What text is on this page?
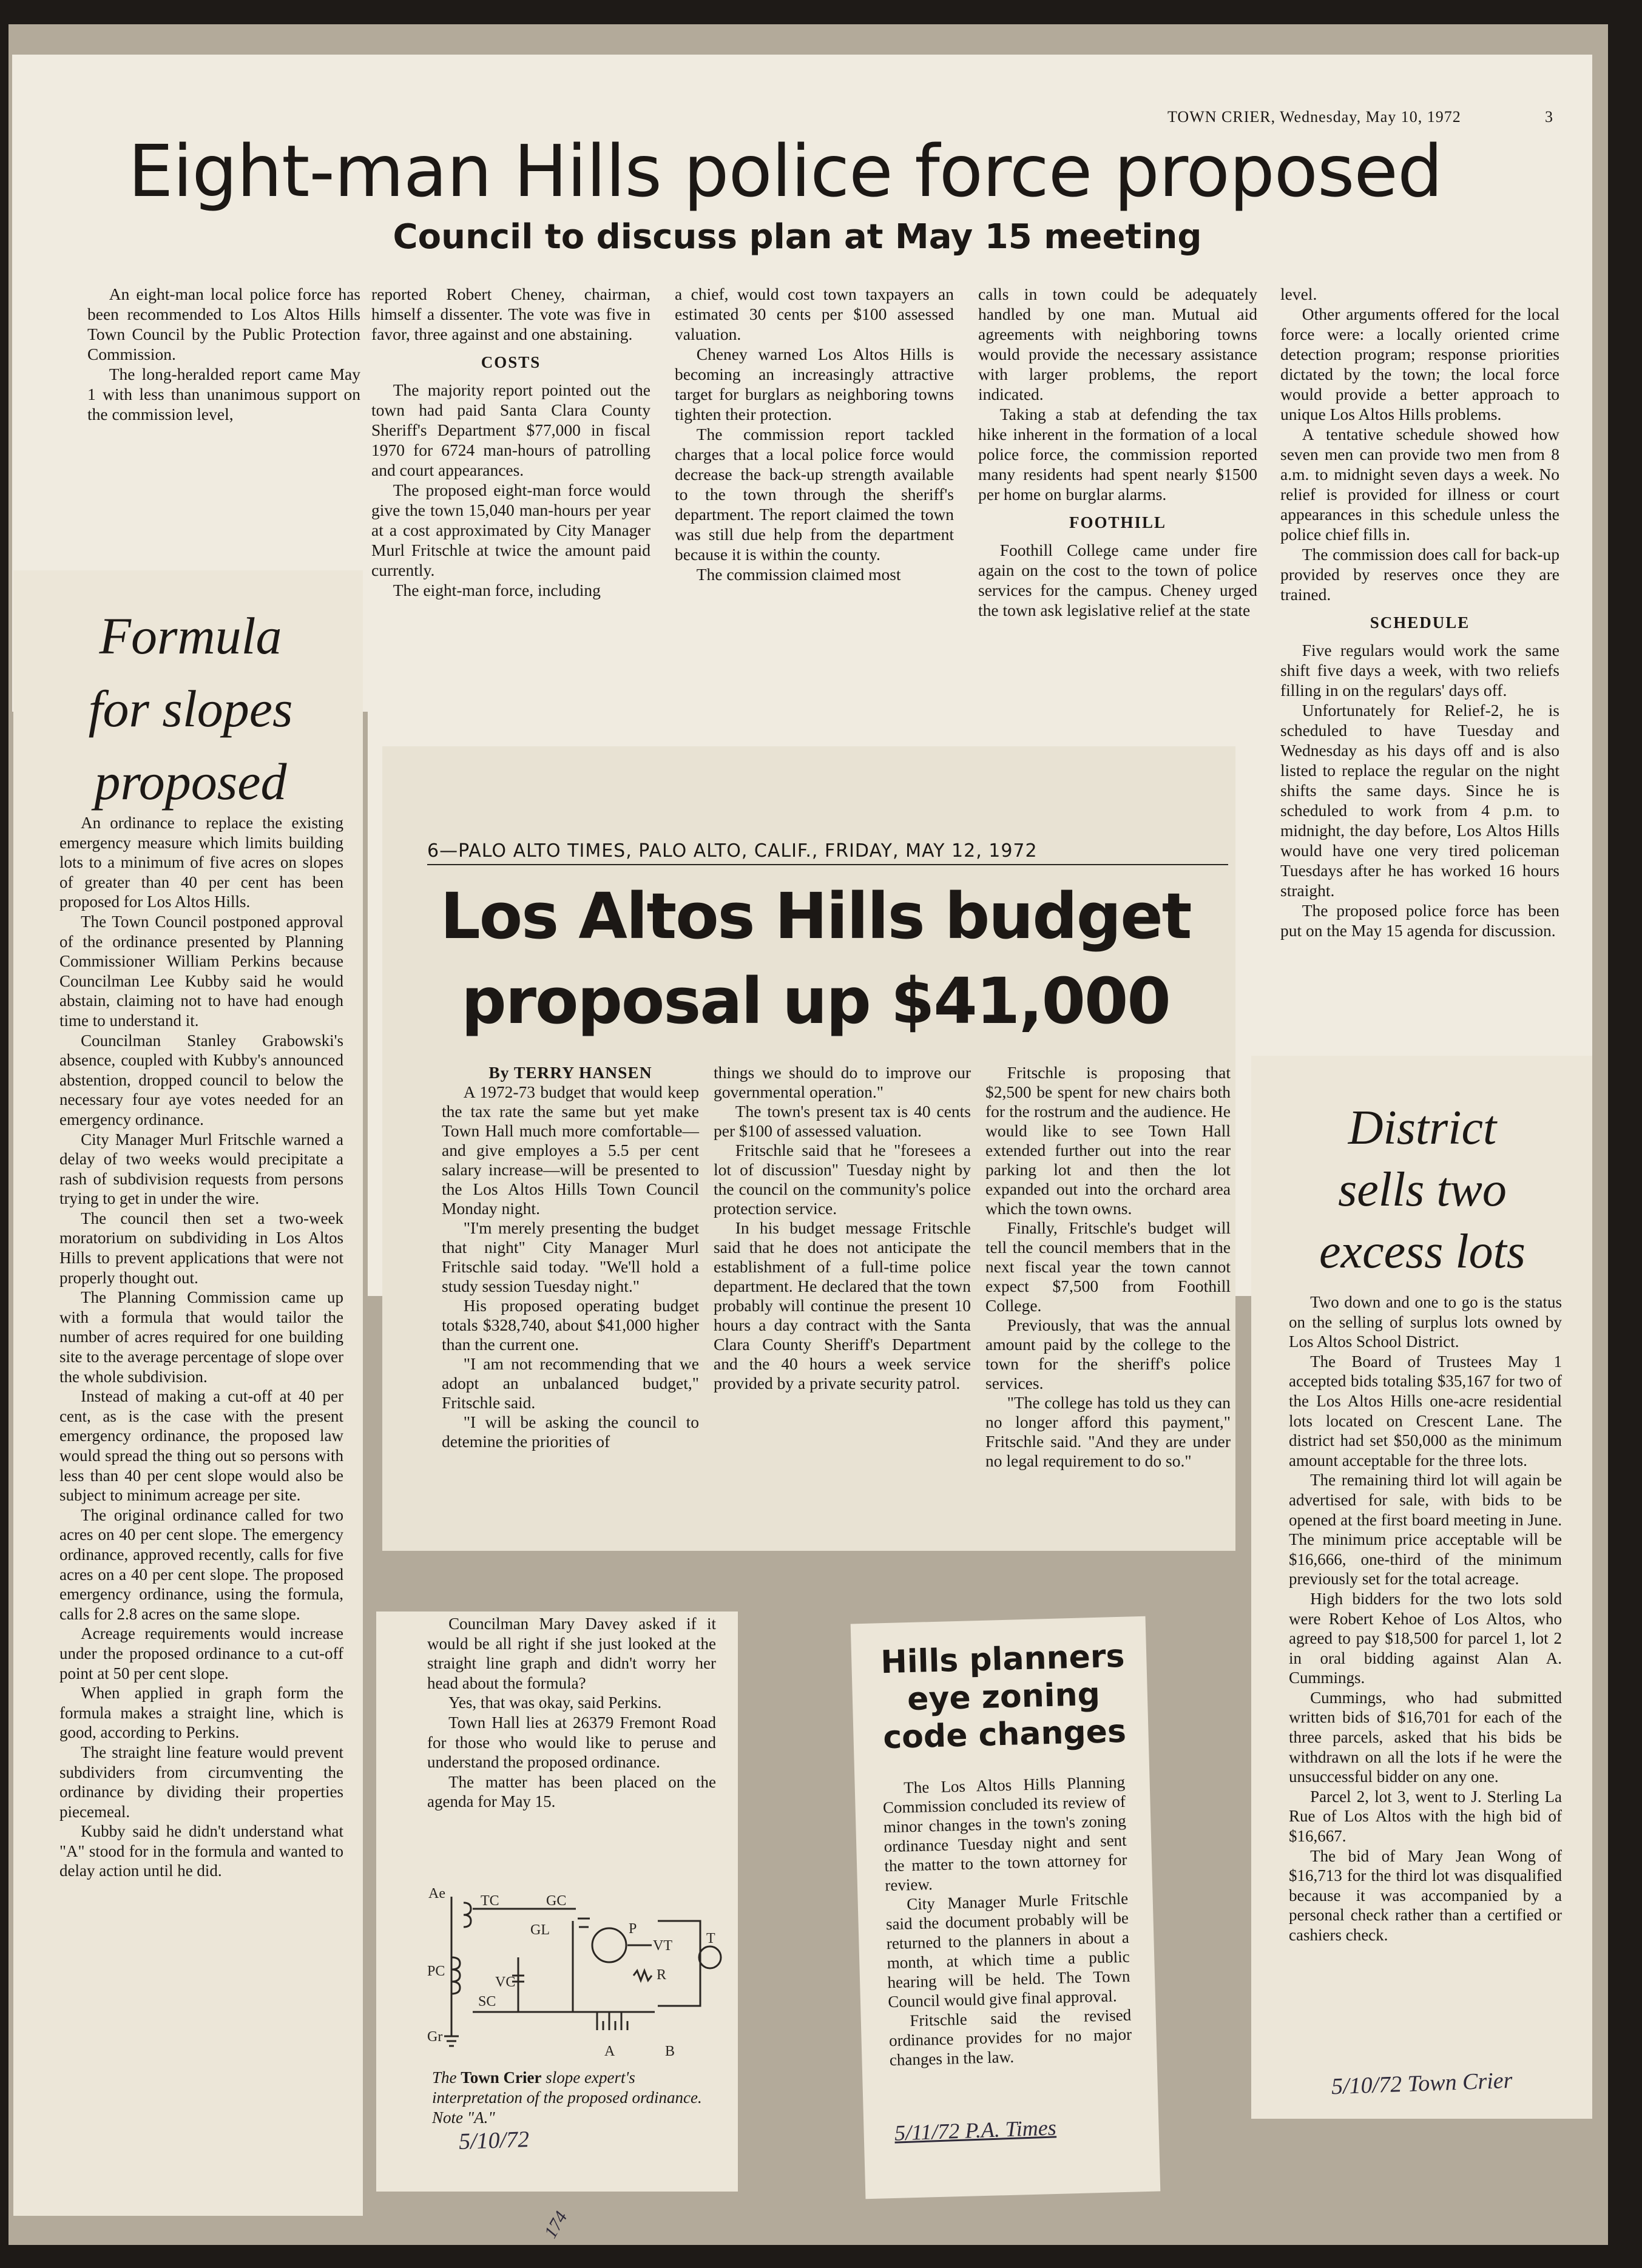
TOWN CRIER, Wednesday, May 10, 1972	3
Eight-man Hills police force proposed
Council to discuss plan at May 15 meeting

An eight-man local police force has been recommended to Los Altos Hills Town Council by the Public Protection Commission.

The long-heralded report came May 1 with less than unanimous support on the commission level,

reported Robert Cheney, chairman, himself a dissenter. The vote was five in favor, three against and one abstaining.

COSTS

The majority report pointed out the town had paid Santa Clara County Sheriff's Department $77,000 in fiscal 1970 for 6724 man-hours of patrolling and court appearances.

The proposed eight-man force would give the town 15,040 man-hours per year at a cost approximated by City Manager Murl Fritschle at twice the amount paid currently.

The eight-man force, including

a chief, would cost town taxpayers an estimated 30 cents per $100 assessed valuation.

Cheney warned Los Altos Hills is becoming an increasingly attractive target for burglars as neighboring towns tighten their protection.

The commission report tackled charges that a local police force would decrease the back-up strength available to the town through the sheriff's department. The report claimed the town was still due help from the department because it is within the county.

The commission claimed most

calls in town could be adequately handled by one man. Mutual aid agreements with neighboring towns would provide the necessary assistance with larger problems, the report indicated.

Taking a stab at defending the tax hike inherent in the formation of a local police force, the commission reported many residents had spent nearly $1500 per home on burglar alarms.

FOOTHILL

Foothill College came under fire again on the cost to the town of police services for the campus. Cheney urged the town ask legislative relief at the state

level.

Other arguments offered for the local force were: a locally oriented crime detection program; response priorities dictated by the town; the local force would provide a better approach to unique Los Altos Hills problems.

A tentative schedule showed how seven men can provide two men from 8 a.m. to midnight seven days a week. No relief is provided for illness or court appearances in this schedule unless the police chief fills in.

The commission does call for back-up provided by reserves once they are trained.

SCHEDULE

Five regulars would work the same shift five days a week, with two reliefs filling in on the regulars' days off.

Unfortunately for Relief-2, he is scheduled to have Tuesday and Wednesday as his days off and is also listed to replace the regular on the night shifts the same days. Since he is scheduled to work from 4 p.m. to midnight, the day before, Los Altos Hills would have one very tired policeman Tuesdays after he has worked 16 hours straight.

The proposed police force has been put on the May 15 agenda for discussion.

Formula
for slopes
proposed

An ordinance to replace the existing emergency measure which limits building lots to a minimum of five acres on slopes of greater than 40 per cent has been proposed for Los Altos Hills.

The Town Council postponed approval of the ordinance presented by Planning Commissioner William Perkins because Councilman Lee Kubby said he would abstain, claiming not to have had enough time to understand it.

Councilman Stanley Grabowski's absence, coupled with Kubby's announced abstention, dropped council to below the necessary four aye votes needed for an emergency ordinance.

City Manager Murl Fritschle warned a delay of two weeks would precipitate a rash of subdivision requests from persons trying to get in under the wire.

The council then set a two-week moratorium on subdividing in Los Altos Hills to prevent applications that were not properly thought out.

The Planning Commission came up with a formula that would tailor the number of acres required for one building site to the average percentage of slope over the whole subdivision.

Instead of making a cut-off at 40 per cent, as is the case with the present emergency ordinance, the proposed law would spread the thing out so persons with less than 40 per cent slope would also be subject to minimum acreage per site.

The original ordinance called for two acres on 40 per cent slope. The emergency ordinance, approved recently, calls for five acres on a 40 per cent slope. The proposed emergency ordinance, using the formula, calls for 2.8 acres on the same slope.

Acreage requirements would increase under the proposed ordinance to a cut-off point at 50 per cent slope.

When applied in graph form the formula makes a straight line, which is good, according to Perkins.

The straight line feature would prevent subdividers from circumventing the ordinance by dividing their properties piecemeal.

Kubby said he didn't understand what "A" stood for in the formula and wanted to delay action until he did.

Councilman Mary Davey asked if it would be all right if she just looked at the straight line graph and didn't worry her head about the formula?

Yes, that was okay, said Perkins.

Town Hall lies at 26379 Fremont Road for those who would like to peruse and understand the proposed ordinance.

The matter has been placed on the agenda for May 15.

Ae TC	GC
GL	P
VT T
PC
VC	R
SC
Gr
A	B
The Town Crier slope expert's interpretation of the proposed ordinance. Note "A."
5/10/72
6—PALO ALTO TIMES, PALO ALTO, CALIF., FRIDAY, MAY 12, 1972
Los Altos Hills budget
proposal up $41,000
By TERRY HANSEN

A 1972-73 budget that would keep the tax rate the same but yet make Town Hall much more comfortable—and give employes a 5.5 per cent salary increase—will be presented to the Los Altos Hills Town Council Monday night.

"I'm merely presenting the budget that night" City Manager Murl Fritschle said today. "We'll hold a study session Tuesday night."

His proposed operating budget totals $328,740, about $41,000 higher than the current one.

"I am not recommending that we adopt an unbalanced budget," Fritschle said.

"I will be asking the council to detemine the priorities of

things we should do to improve our governmental operation."

The town's present tax is 40 cents per $100 of assessed valuation.

Fritschle said that he "foresees a lot of discussion" Tuesday night by the council on the community's police protection service.

In his budget message Fritschle said that he does not anticipate the establishment of a full-time police department. He declared that the town probably will continue the present 10 hours a day contract with the Santa Clara County Sheriff's Department and the 40 hours a week service provided by a private security patrol.

Fritschle is proposing that $2,500 be spent for new chairs both for the rostrum and the audience. He would like to see Town Hall extended further out into the rear parking lot and then the lot expanded out into the orchard area which the town owns.

Finally, Fritschle's budget will tell the council members that in the next fiscal year the town cannot expect $7,500 from Foothill College.

Previously, that was the annual amount paid by the college to the town for the sheriff's police services.

"The college has told us they can no longer afford this payment," Fritschle said. "And they are under no legal requirement to do so."

Hills planners
eye zoning
code changes

The Los Altos Hills Planning Commission concluded its review of minor changes in the town's zoning ordinance Tuesday night and sent the matter to the town attorney for review.

City Manager Murle Fritschle said the document probably will be returned to the planners in about a month, at which time a public hearing will be held. The Town Council would give final approval.

Fritschle said the revised ordinance provides for no major changes in the law.

5/11/72 P.A. Times
District
sells two
excess lots

Two down and one to go is the status on the selling of surplus lots owned by Los Altos School District.

The Board of Trustees May 1 accepted bids totaling $35,167 for two of the Los Altos Hills one-acre residential lots located on Crescent Lane. The district had set $50,000 as the minimum amount acceptable for the three lots.

The remaining third lot will again be advertised for sale, with bids to be opened at the first board meeting in June. The minimum price acceptable will be $16,666, one-third of the minimum previously set for the total acreage.

High bidders for the two lots sold were Robert Kehoe of Los Altos, who agreed to pay $18,500 for parcel 1, lot 2 in oral bidding against Alan A. Cummings.

Cummings, who had submitted written bids of $16,701 for each of the three parcels, asked that his bids be withdrawn on all the lots if he were the unsuccessful bidder on any one.

Parcel 2, lot 3, went to J. Sterling La Rue of Los Altos with the high bid of $16,667.

The bid of Mary Jean Wong of $16,713 for the third lot was disqualified because it was accompanied by a personal check rather than a certified or cashiers check.

5/10/72 Town Crier
174
